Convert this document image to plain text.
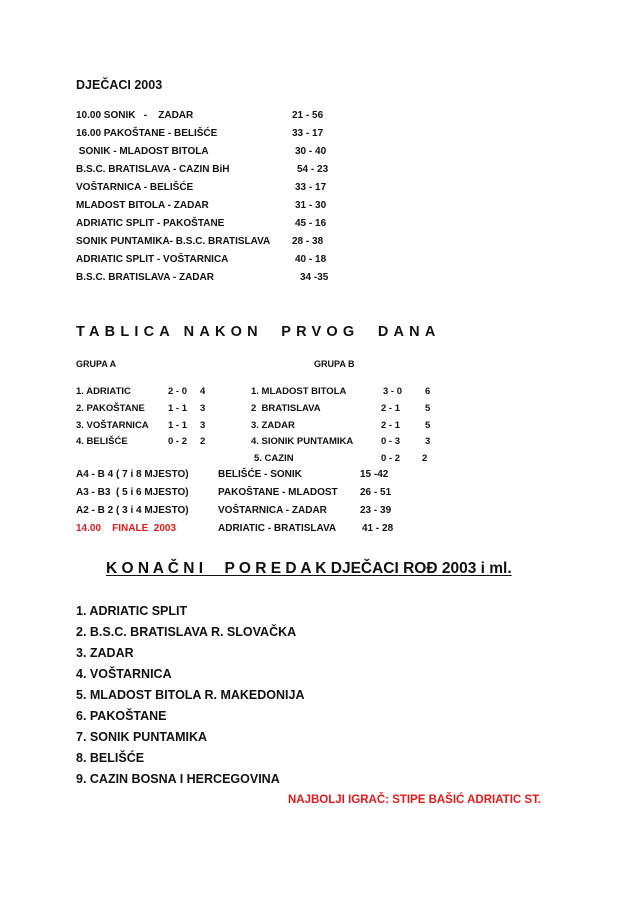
DJEČACI 2003
10.00 SONIK   -    ZADAR	21 - 56
16.00 PAKOŠTANE - BELIŠĆE	33 - 17
SONIK - MLADOST BITOLA	30 - 40
B.S.C. BRATISLAVA - CAZIN BiH	54 - 23
VOŠTARNICA - BELIŠĆE	33 - 17
MLADOST BITOLA - ZADAR	31 - 30
ADRIATIC SPLIT - PAKOŠTANE	45 - 16
SONIK PUNTAMIKA- B.S.C. BRATISLAVA 28 - 38
ADRIATIC SPLIT - VOŠTARNICA	40 - 18
B.S.C. BRATISLAVA - ZADAR	34 -35
TABLICA NAKON  PRVOG  DANA
GRUPA A	GRUPA B
1. ADRIATIC	2 - 0 4
2. PAKOŠTANE 1 - 1 3
3. VOŠTARNICA 1 - 1 3
4. BELIŠĆE	0 - 2 2
1. MLADOST BITOLA	3 - 0 6
2  BRATISLAVA	2 - 1	5
3. ZADAR	2 - 1	5
4. SIONIK PUNTAMIKA	0 - 3	3
5. CAZIN	0 - 2 2
A4 - B 4 ( 7 i 8 MJESTO)	BELIŠĆE - SONIK	15 -42
A3 - B3  ( 5 i 6 MJESTO)	PAKOŠTANE - MLADOST 26 - 51
A2 - B 2 ( 3 i 4 MJESTO)	VOŠTARNICA - ZADAR	23 - 39
14.00    FINALE  2003	ADRIATIC - BRATISLAVA	41 - 28
K O N A Č N I     P O R E D A K DJEČACI ROĐ 2003 i ml.
1. ADRIATIC SPLIT
2. B.S.C. BRATISLAVA R. SLOVAČKA
3. ZADAR
4. VOŠTARNICA
5. MLADOST BITOLA R. MAKEDONIJA
6. PAKOŠTANE
7. SONIK PUNTAMIKA
8. BELIŠĆE
9. CAZIN BOSNA I HERCEGOVINA
NAJBOLJI IGRAČ: STIPE BAŠIĆ ADRIATIC ST.
